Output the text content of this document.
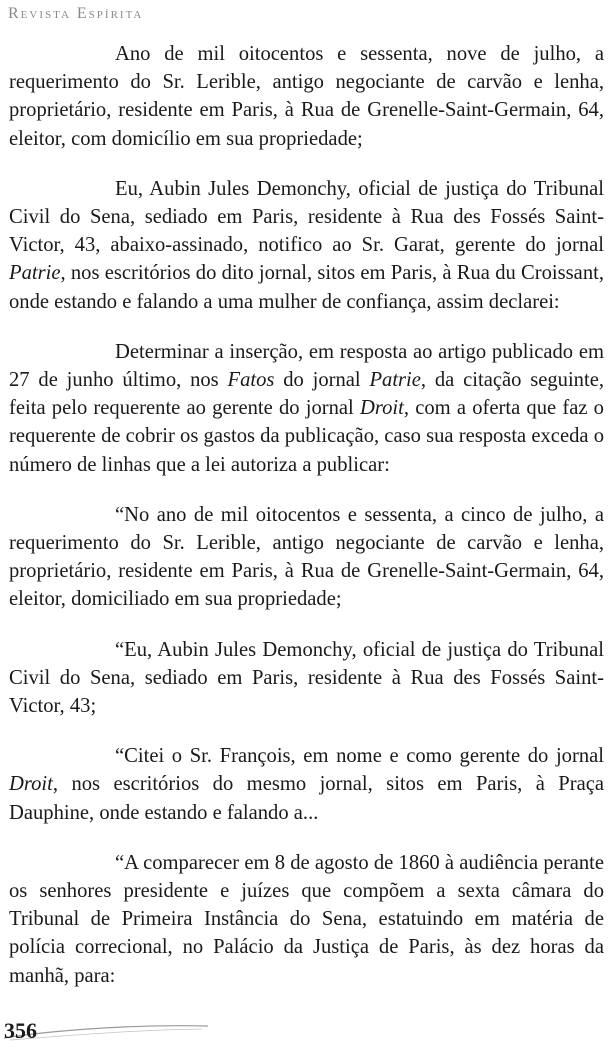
Revista Espírita

Ano de mil oitocentos e sessenta, nove de julho, a requerimento do Sr. Lerible, antigo negociante de carvão e lenha, proprietário, residente em Paris, à Rua de Grenelle-Saint-Germain, 64, eleitor, com domicílio em sua propriedade;

Eu, Aubin Jules Demonchy, oficial de justiça do Tribunal Civil do Sena, sediado em Paris, residente à Rua des Fossés Saint-Victor, 43, abaixo-assinado, notifico ao Sr. Garat, gerente do jornal Patrie, nos escritórios do dito jornal, sitos em Paris, à Rua du Croissant, onde estando e falando a uma mulher de confiança, assim declarei:

Determinar a inserção, em resposta ao artigo publicado em 27 de junho último, nos Fatos do jornal Patrie, da citação seguinte, feita pelo requerente ao gerente do jornal Droit, com a oferta que faz o requerente de cobrir os gastos da publicação, caso sua resposta exceda o número de linhas que a lei autoriza a publicar:

“No ano de mil oitocentos e sessenta, a cinco de julho, a requerimento do Sr. Lerible, antigo negociante de carvão e lenha, proprietário, residente em Paris, à Rua de Grenelle-Saint-Germain, 64, eleitor, domiciliado em sua propriedade;

“Eu, Aubin Jules Demonchy, oficial de justiça do Tribunal Civil do Sena, sediado em Paris, residente à Rua des Fossés Saint-Victor, 43;

“Citei o Sr. François, em nome e como gerente do jornal Droit, nos escritórios do mesmo jornal, sitos em Paris, à Praça Dauphine, onde estando e falando a...

“A comparecer em 8 de agosto de 1860 à audiência perante os senhores presidente e juízes que compõem a sexta câmara do Tribunal de Primeira Instância do Sena, estatuindo em matéria de polícia correcional, no Palácio da Justiça de Paris, às dez horas da manhã, para:

356
